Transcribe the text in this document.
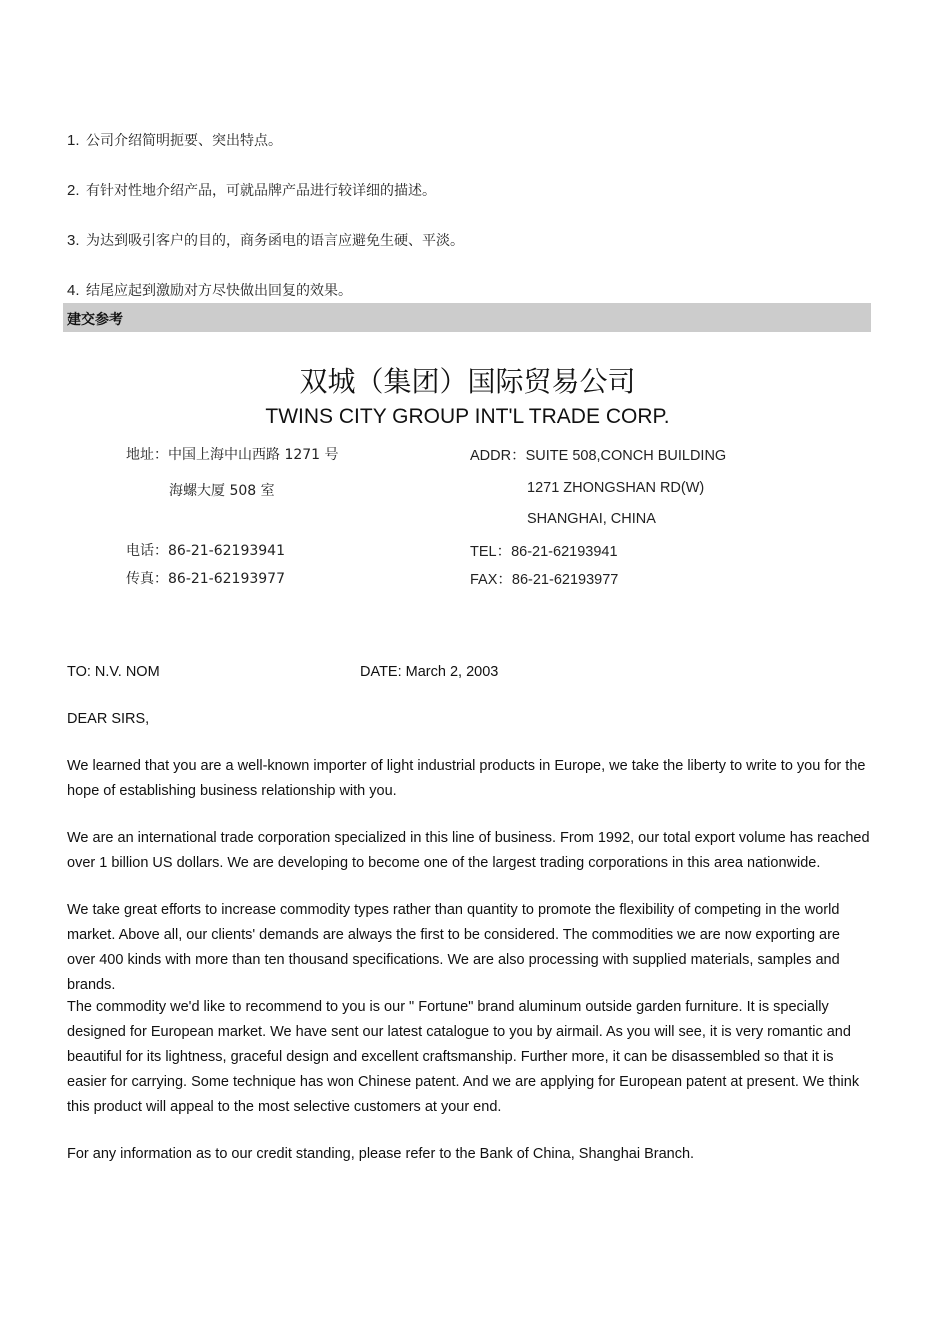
1. 公司介绍简明扼要、突出特点。
2. 有针对性地介绍产品，可就品牌产品进行较详细的描述。
3. 为达到吸引客户的目的，商务函电的语言应避免生硬、平淡。
4. 结尾应起到激励对方尽快做出回复的效果。
建交参考
双城（集团）国际贸易公司
TWINS CITY GROUP INT'L TRADE CORP.
地址：中国上海中山西路 1271 号
海螺大厦 508 室
ADDR：SUITE 508,CONCH BUILDING
1271 ZHONGSHAN RD(W)
SHANGHAI, CHINA
电话：86-21-62193941	TEL：86-21-62193941
传真：86-21-62193977	FAX：86-21-62193977
TO: N.V. NOM	DATE: March 2, 2003
DEAR SIRS,
We learned that you are a well-known importer of light industrial products in Europe, we take the liberty to write to you for the hope of establishing business relationship with you.
We are an international trade corporation specialized in this line of business. From 1992, our total export volume has reached over 1 billion US dollars. We are developing to become one of the largest trading corporations in this area nationwide.
We take great efforts to increase commodity types rather than quantity to promote the flexibility of competing in the world market. Above all, our clients' demands are always the first to be considered. The commodities we are now exporting are over 400 kinds with more than ten thousand specifications. We are also processing with supplied materials, samples and brands.
The commodity we'd like to recommend to you is our " Fortune" brand aluminum outside garden furniture. It is specially designed for European market. We have sent our latest catalogue to you by airmail. As you will see, it is very romantic and beautiful for its lightness, graceful design and excellent craftsmanship. Further more, it can be disassembled so that it is easier for carrying. Some technique has won Chinese patent. And we are applying for European patent at present. We think this product will appeal to the most selective customers at your end.
For any information as to our credit standing, please refer to the Bank of China, Shanghai Branch.
